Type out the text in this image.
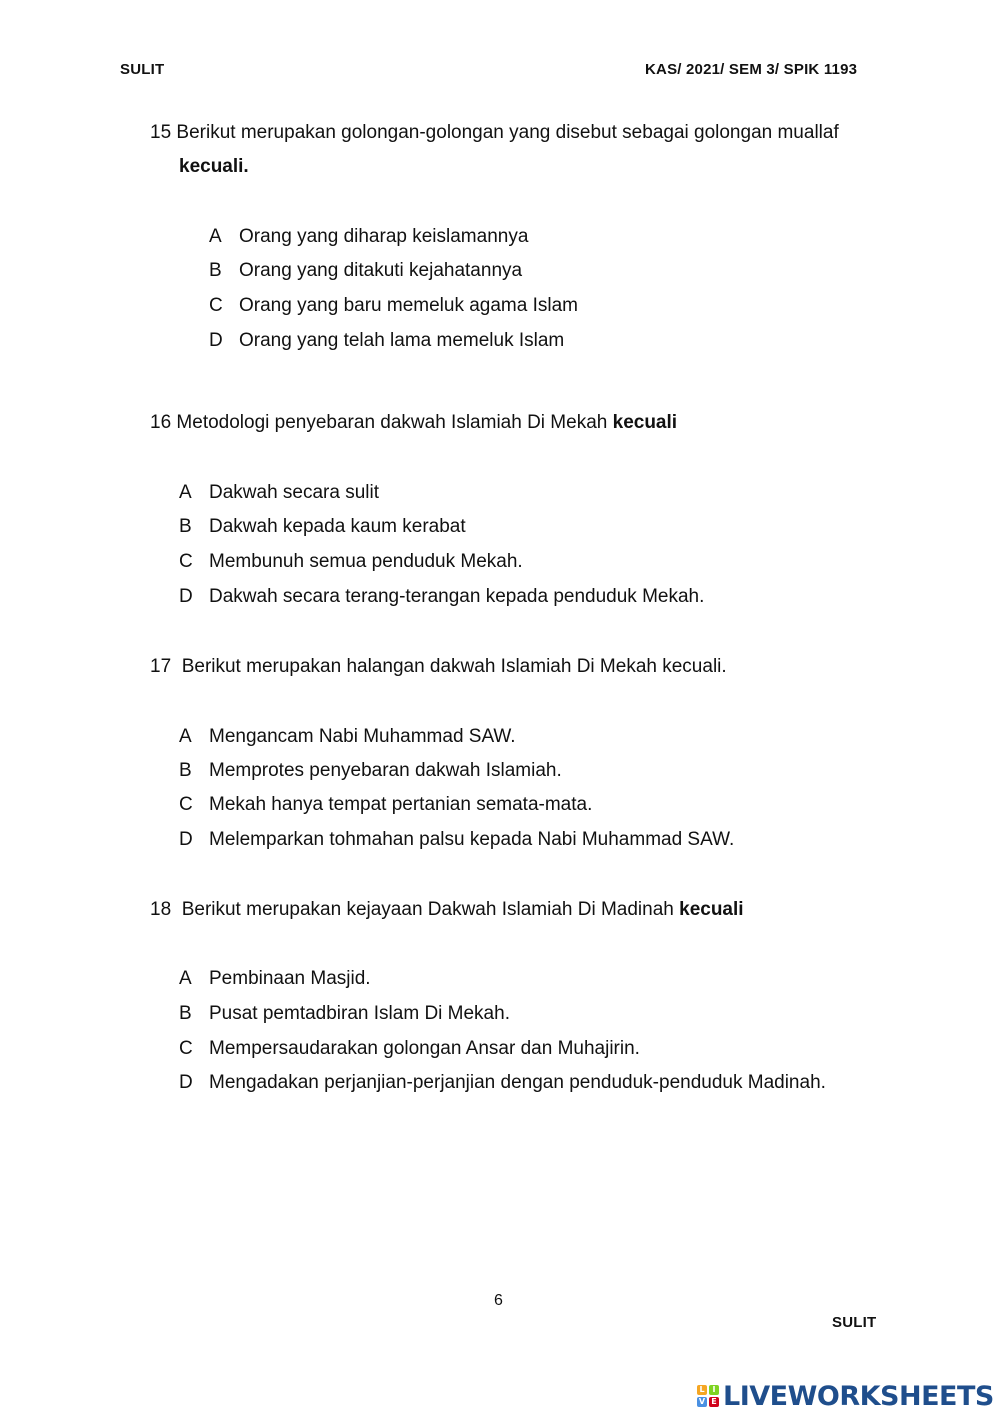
SULIT	KAS/ 2021/ SEM 3/ SPIK 1193
15 Berikut merupakan golongan-golongan yang disebut sebagai golongan muallaf
kecuali.
A Orang yang diharap keislamannya
B Orang yang ditakuti kejahatannya
C Orang yang baru memeluk agama Islam
D Orang yang telah lama memeluk Islam
16 Metodologi penyebaran dakwah Islamiah Di Mekah kecuali
A Dakwah secara sulit
B Dakwah kepada kaum kerabat
C Membunuh semua penduduk Mekah.
D Dakwah secara terang-terangan kepada penduduk Mekah.
17 Berikut merupakan halangan dakwah Islamiah Di Mekah kecuali.
A Mengancam Nabi Muhammad SAW.
B Memprotes penyebaran dakwah Islamiah.
C Mekah hanya tempat pertanian semata-mata.
D Melemparkan tohmahan palsu kepada Nabi Muhammad SAW.
18 Berikut merupakan kejayaan Dakwah Islamiah Di Madinah kecuali
A Pembinaan Masjid.
B Pusat pemtadbiran Islam Di Mekah.
C Mempersaudarakan golongan Ansar dan Muhajirin.
D Mengadakan perjanjian-perjanjian dengan penduduk-penduduk Madinah.
6
SULIT
L I
V E LIVEWORKSHEETS
